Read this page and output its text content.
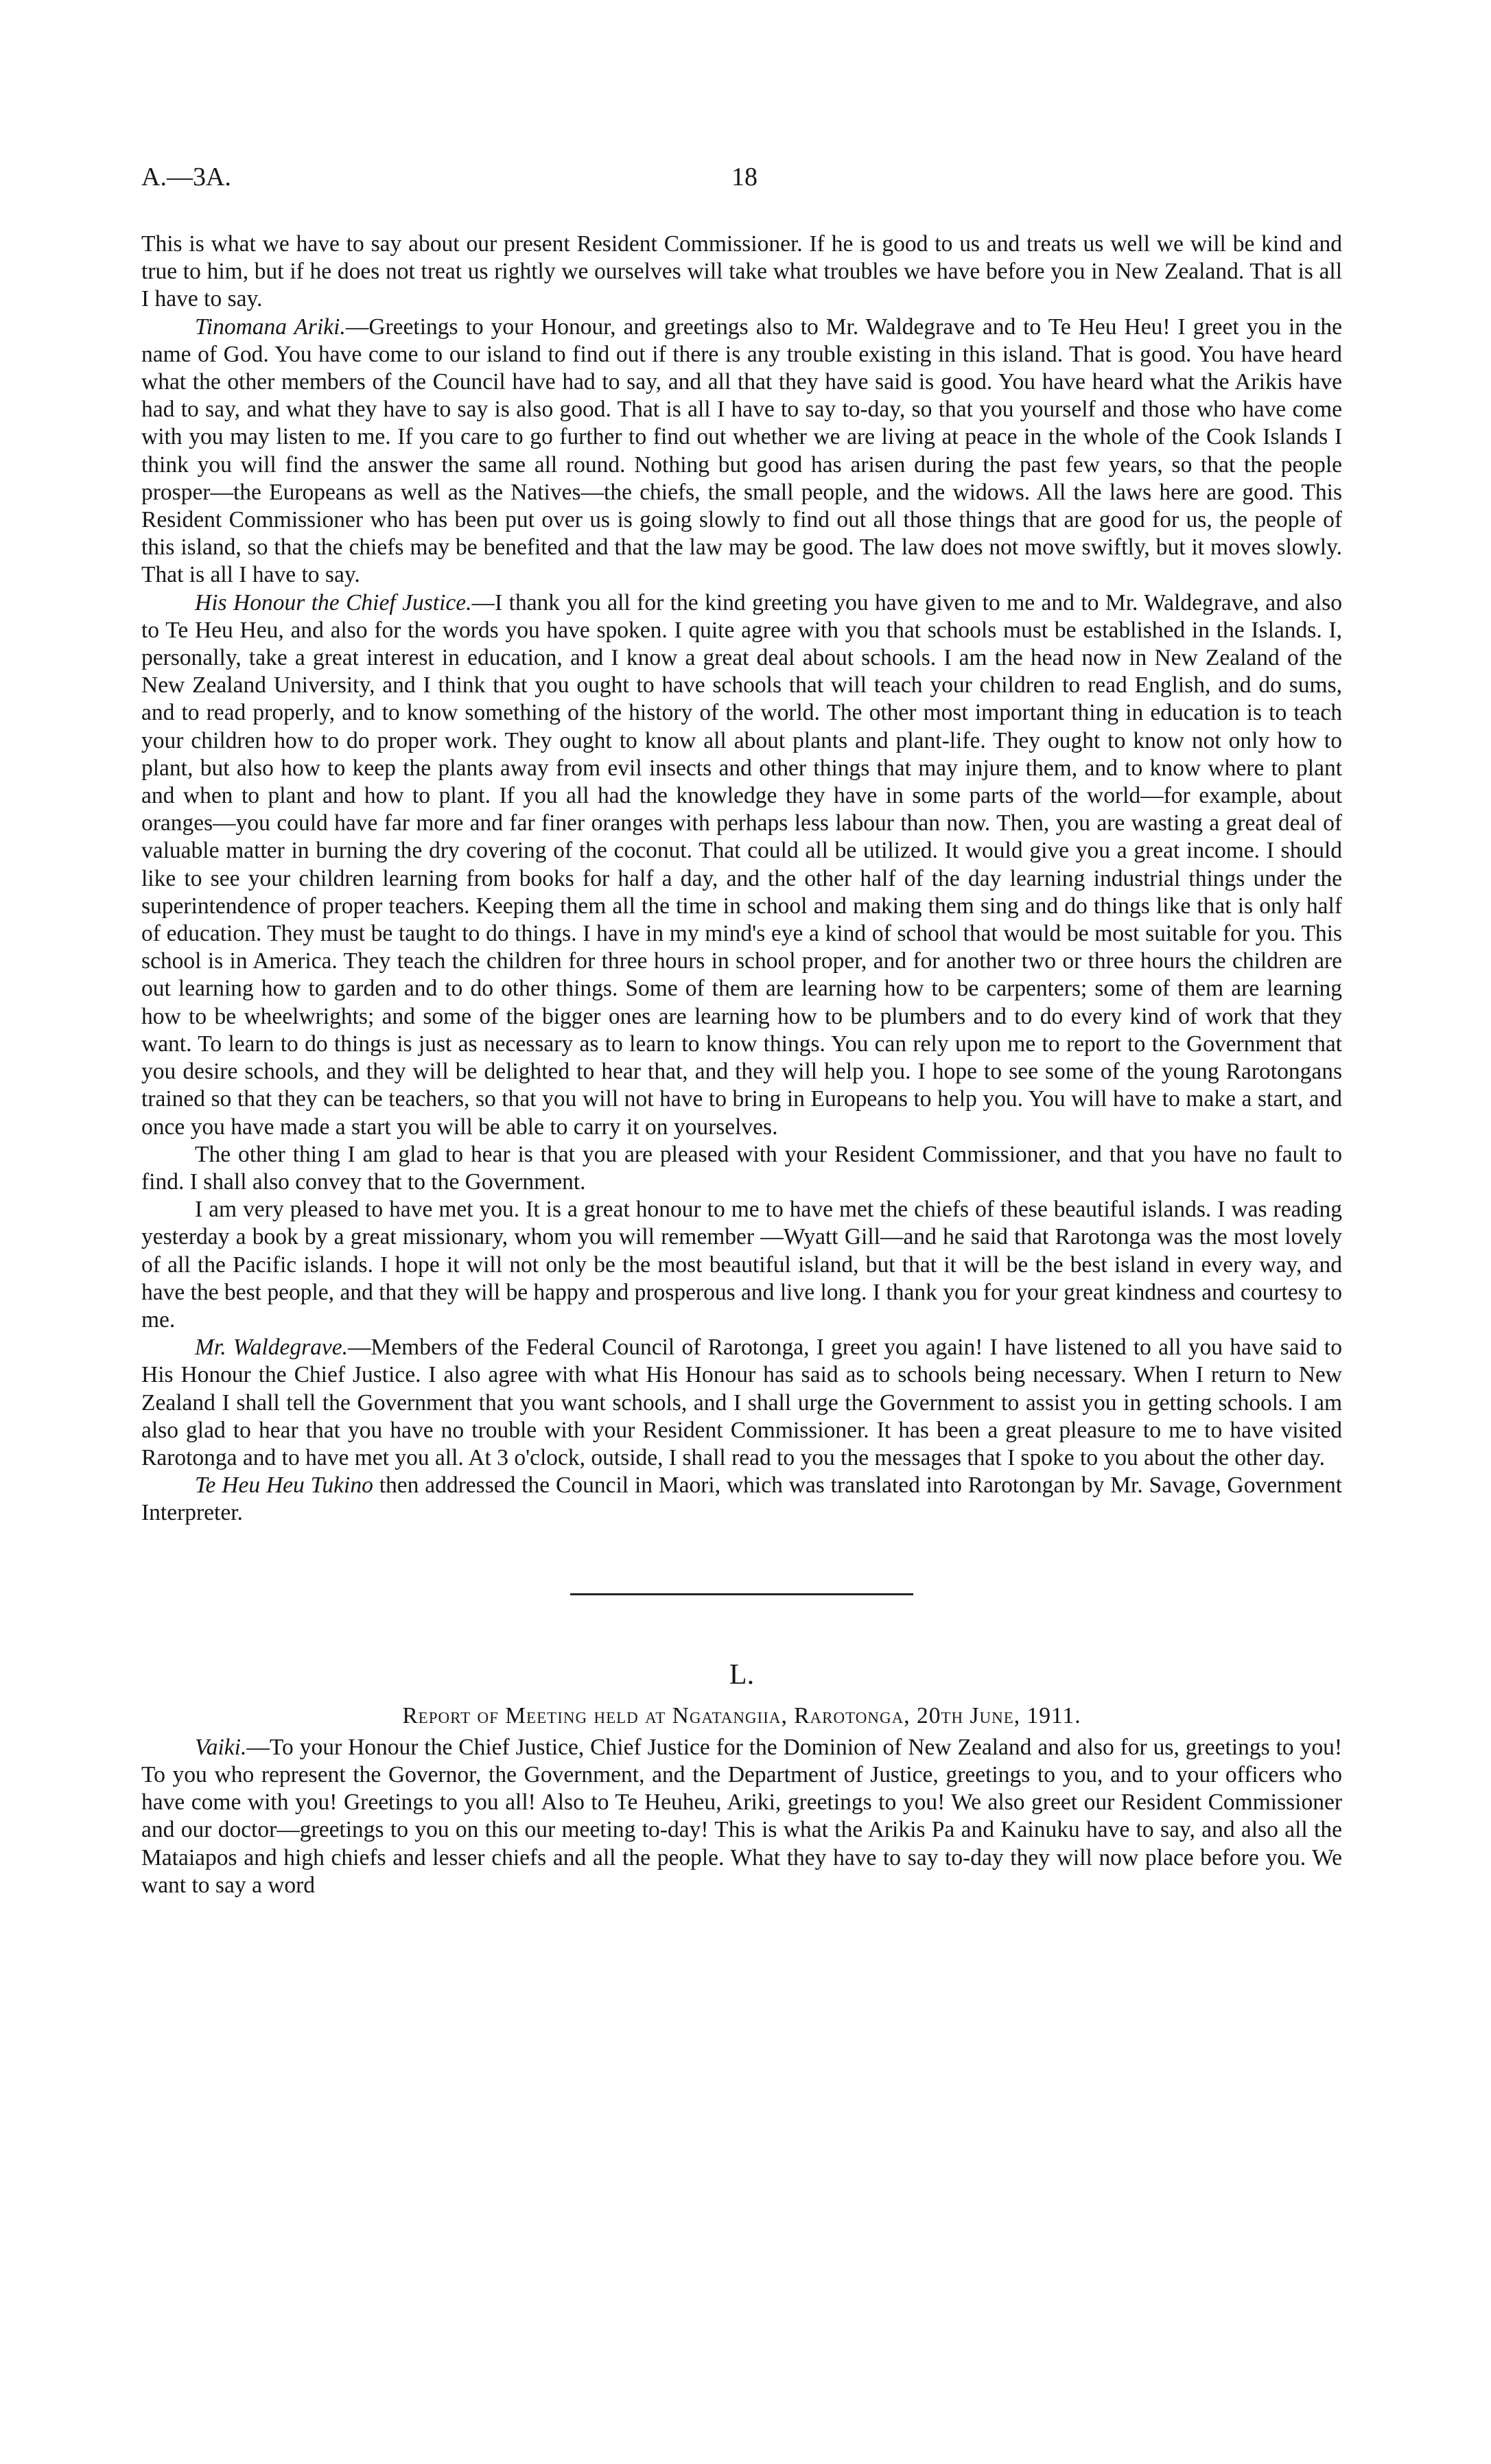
A.—3A.	18

This is what we have to say about our present Resident Commissioner. If he is good to us and treats us well we will be kind and true to him, but if he does not treat us rightly we ourselves will take what troubles we have before you in New Zealand. That is all I have to say.

Tinomana Ariki.—Greetings to your Honour, and greetings also to Mr. Waldegrave and to Te Heu Heu! I greet you in the name of God. You have come to our island to find out if there is any trouble existing in this island. That is good. You have heard what the other members of the Council have had to say, and all that they have said is good. You have heard what the Arikis have had to say, and what they have to say is also good. That is all I have to say to-day, so that you yourself and those who have come with you may listen to me. If you care to go further to find out whether we are living at peace in the whole of the Cook Islands I think you will find the answer the same all round. Nothing but good has arisen during the past few years, so that the people prosper—the Europeans as well as the Natives—the chiefs, the small people, and the widows. All the laws here are good. This Resident Commissioner who has been put over us is going slowly to find out all those things that are good for us, the people of this island, so that the chiefs may be benefited and that the law may be good. The law does not move swiftly, but it moves slowly. That is all I have to say.

His Honour the Chief Justice.—I thank you all for the kind greeting you have given to me and to Mr. Waldegrave, and also to Te Heu Heu, and also for the words you have spoken. I quite agree with you that schools must be established in the Islands. I, personally, take a great interest in education, and I know a great deal about schools. I am the head now in New Zealand of the New Zealand University, and I think that you ought to have schools that will teach your children to read English, and do sums, and to read properly, and to know something of the history of the world. The other most important thing in education is to teach your children how to do proper work. They ought to know all about plants and plant-life. They ought to know not only how to plant, but also how to keep the plants away from evil insects and other things that may injure them, and to know where to plant and when to plant and how to plant. If you all had the knowledge they have in some parts of the world—for example, about oranges—you could have far more and far finer oranges with perhaps less labour than now. Then, you are wasting a great deal of valuable matter in burning the dry covering of the coconut. That could all be utilized. It would give you a great income. I should like to see your children learning from books for half a day, and the other half of the day learning industrial things under the superintendence of proper teachers. Keeping them all the time in school and making them sing and do things like that is only half of education. They must be taught to do things. I have in my mind's eye a kind of school that would be most suitable for you. This school is in America. They teach the children for three hours in school proper, and for another two or three hours the children are out learning how to garden and to do other things. Some of them are learning how to be carpenters; some of them are learning how to be wheelwrights; and some of the bigger ones are learning how to be plumbers and to do every kind of work that they want. To learn to do things is just as necessary as to learn to know things. You can rely upon me to report to the Government that you desire schools, and they will be delighted to hear that, and they will help you. I hope to see some of the young Rarotongans trained so that they can be teachers, so that you will not have to bring in Europeans to help you. You will have to make a start, and once you have made a start you will be able to carry it on yourselves.

The other thing I am glad to hear is that you are pleased with your Resident Commissioner, and that you have no fault to find. I shall also convey that to the Government.

I am very pleased to have met you. It is a great honour to me to have met the chiefs of these beautiful islands. I was reading yesterday a book by a great missionary, whom you will remember —Wyatt Gill—and he said that Rarotonga was the most lovely of all the Pacific islands. I hope it will not only be the most beautiful island, but that it will be the best island in every way, and have the best people, and that they will be happy and prosperous and live long. I thank you for your great kindness and courtesy to me.

Mr. Waldegrave.—Members of the Federal Council of Rarotonga, I greet you again! I have listened to all you have said to His Honour the Chief Justice. I also agree with what His Honour has said as to schools being necessary. When I return to New Zealand I shall tell the Government that you want schools, and I shall urge the Government to assist you in getting schools. I am also glad to hear that you have no trouble with your Resident Commissioner. It has been a great pleasure to me to have visited Rarotonga and to have met you all. At 3 o'clock, outside, I shall read to you the messages that I spoke to you about the other day.

Te Heu Heu Tukino then addressed the Council in Maori, which was translated into Rarotongan by Mr. Savage, Government Interpreter.

L.
Report of Meeting held at Ngatangiia, Rarotonga, 20th June, 1911.

Vaiki.—To your Honour the Chief Justice, Chief Justice for the Dominion of New Zealand and also for us, greetings to you! To you who represent the Governor, the Government, and the Department of Justice, greetings to you, and to your officers who have come with you! Greetings to you all! Also to Te Heuheu, Ariki, greetings to you! We also greet our Resident Commissioner and our doctor—greetings to you on this our meeting to-day! This is what the Arikis Pa and Kainuku have to say, and also all the Mataiapos and high chiefs and lesser chiefs and all the people. What they have to say to-day they will now place before you. We want to say a word
